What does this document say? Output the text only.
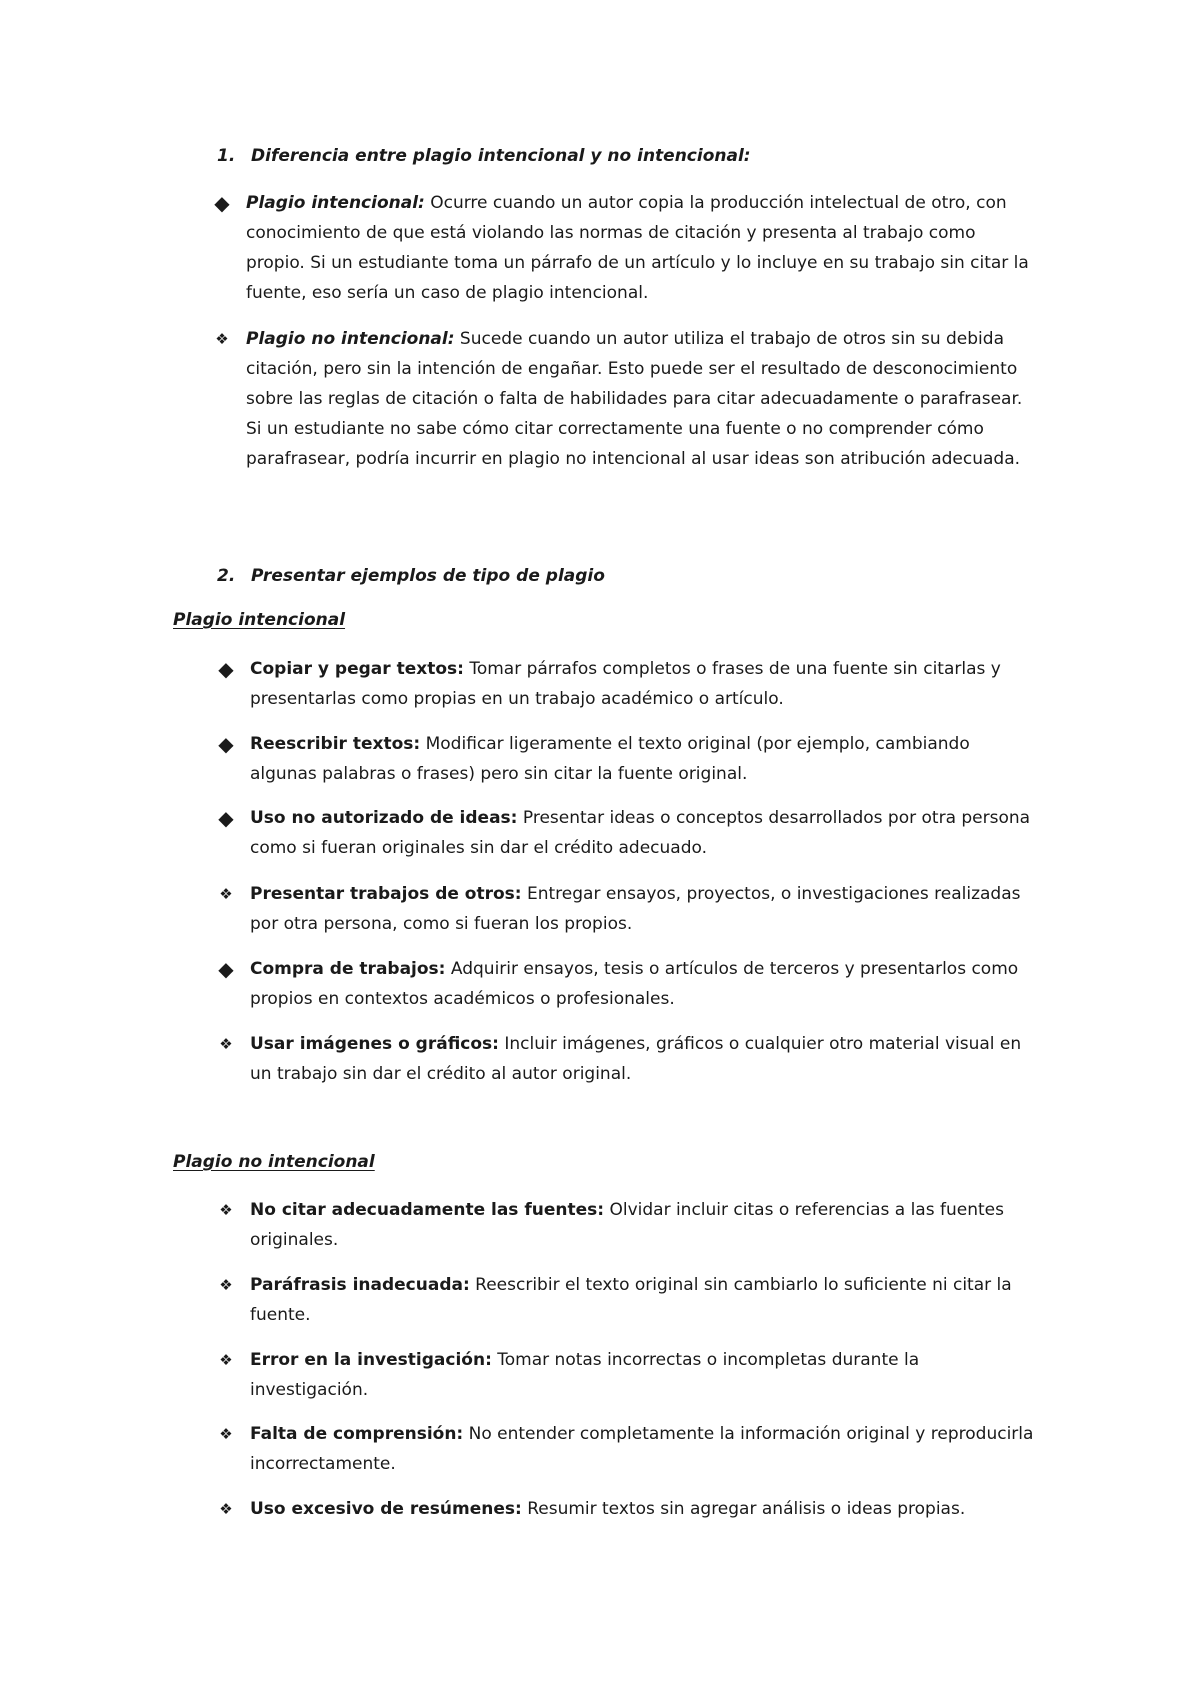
1. Diferencia entre plagio intencional y no intencional:
◆ Plagio intencional: Ocurre cuando un autor copia la producción intelectual de otro, con conocimiento de que está violando las normas de citación y presenta al trabajo como propio. Si un estudiante toma un párrafo de un artículo y lo incluye en su trabajo sin citar la fuente, eso sería un caso de plagio intencional.
❖ Plagio no intencional: Sucede cuando un autor utiliza el trabajo de otros sin su debida citación, pero sin la intención de engañar. Esto puede ser el resultado de desconocimiento sobre las reglas de citación o falta de habilidades para citar adecuadamente o parafrasear. Si un estudiante no sabe cómo citar correctamente una fuente o no comprender cómo parafrasear, podría incurrir en plagio no intencional al usar ideas son atribución adecuada.
2. Presentar ejemplos de tipo de plagio
Plagio intencional
◆ Copiar y pegar textos: Tomar párrafos completos o frases de una fuente sin citarlas y presentarlas como propias en un trabajo académico o artículo.
◆ Reescribir textos: Modificar ligeramente el texto original (por ejemplo, cambiando algunas palabras o frases) pero sin citar la fuente original.
◆ Uso no autorizado de ideas: Presentar ideas o conceptos desarrollados por otra persona como si fueran originales sin dar el crédito adecuado.
❖ Presentar trabajos de otros: Entregar ensayos, proyectos, o investigaciones realizadas por otra persona, como si fueran los propios.
◆ Compra de trabajos: Adquirir ensayos, tesis o artículos de terceros y presentarlos como propios en contextos académicos o profesionales.
❖ Usar imágenes o gráficos: Incluir imágenes, gráficos o cualquier otro material visual en un trabajo sin dar el crédito al autor original.
Plagio no intencional
❖ No citar adecuadamente las fuentes: Olvidar incluir citas o referencias a las fuentes originales.
❖ Paráfrasis inadecuada: Reescribir el texto original sin cambiarlo lo suficiente ni citar la fuente.
❖ Error en la investigación: Tomar notas incorrectas o incompletas durante la investigación.
❖ Falta de comprensión: No entender completamente la información original y reproducirla incorrectamente.
❖ Uso excesivo de resúmenes: Resumir textos sin agregar análisis o ideas propias.
